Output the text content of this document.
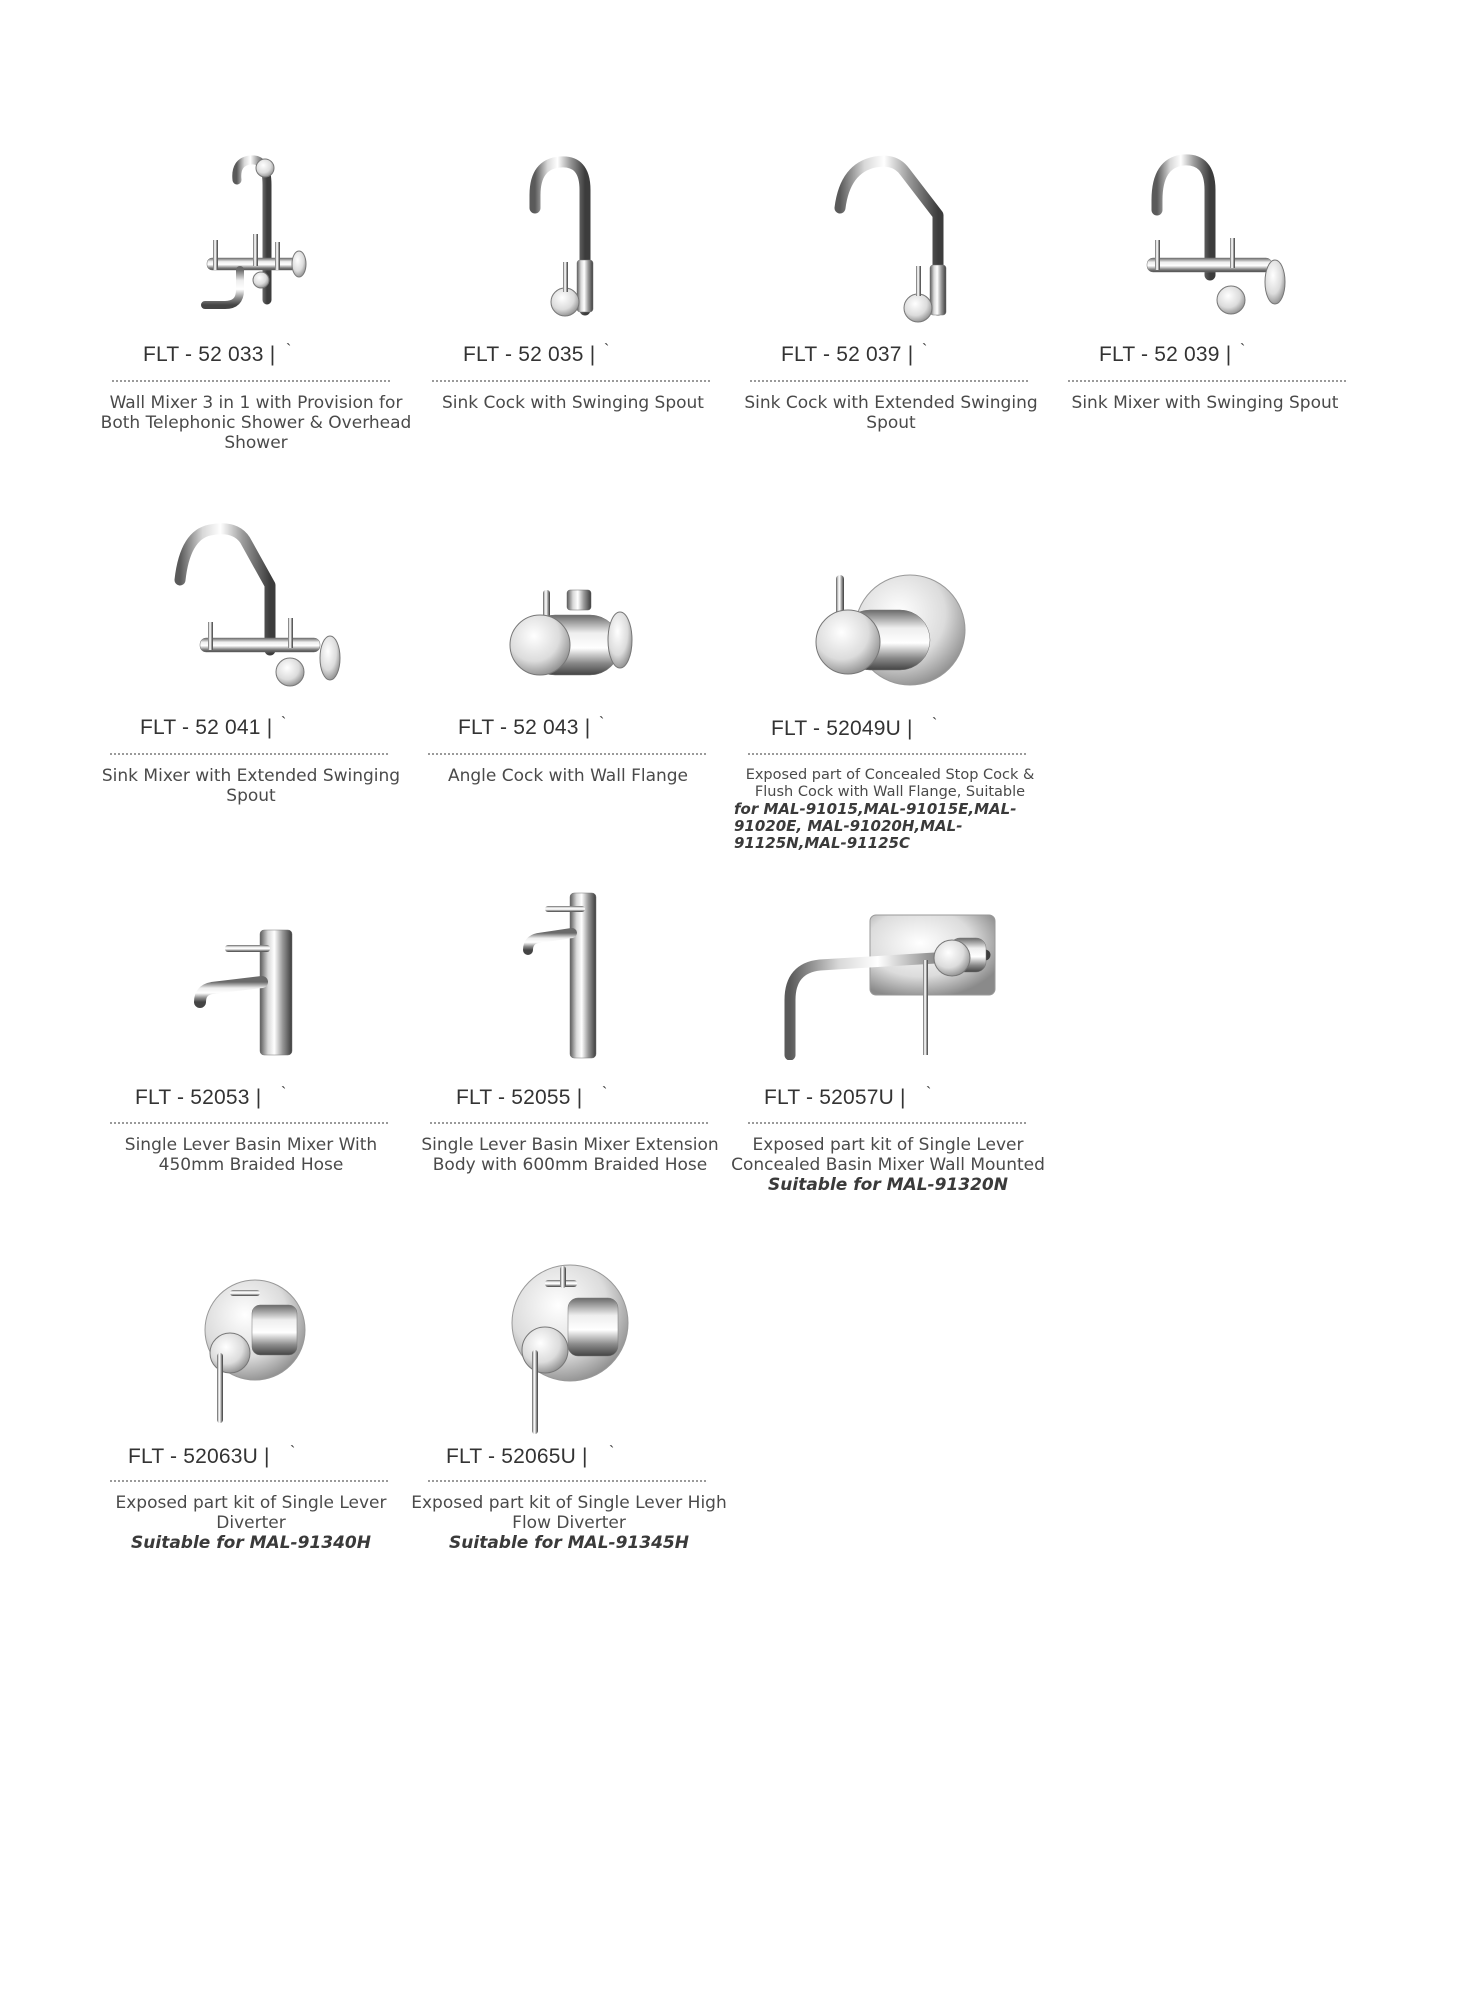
FLT - 52 033 | `
Wall Mixer 3 in 1 with Provision for Both Telephonic Shower & Overhead Shower
FLT - 52 035 | `
Sink Cock with Swinging Spout
FLT - 52 037 | `
Sink Cock with Extended Swinging Spout
FLT - 52 039 | `
Sink Mixer with Swinging Spout
FLT - 52 041 | `
Sink Mixer with Extended Swinging Spout
FLT - 52 043 | `
Angle Cock with Wall Flange
FLT - 52049U | `
Exposed part of Concealed Stop Cock & Flush Cock with Wall Flange, Suitable
for MAL-91015,MAL-91015E,MAL-91020E, MAL-91020H,MAL-91125N,MAL-91125C
FLT - 52053 | `
Single Lever Basin Mixer With 450mm Braided Hose
FLT - 52055 | `
Single Lever Basin Mixer Extension Body with 600mm Braided Hose
FLT - 52057U | `
Exposed part kit of Single Lever Concealed Basin Mixer Wall Mounted
Suitable for MAL-91320N
FLT - 52063U | `
Exposed part kit of Single Lever Diverter
Suitable for MAL-91340H
FLT - 52065U | `
Exposed part kit of Single Lever High Flow Diverter
Suitable for MAL-91345H
